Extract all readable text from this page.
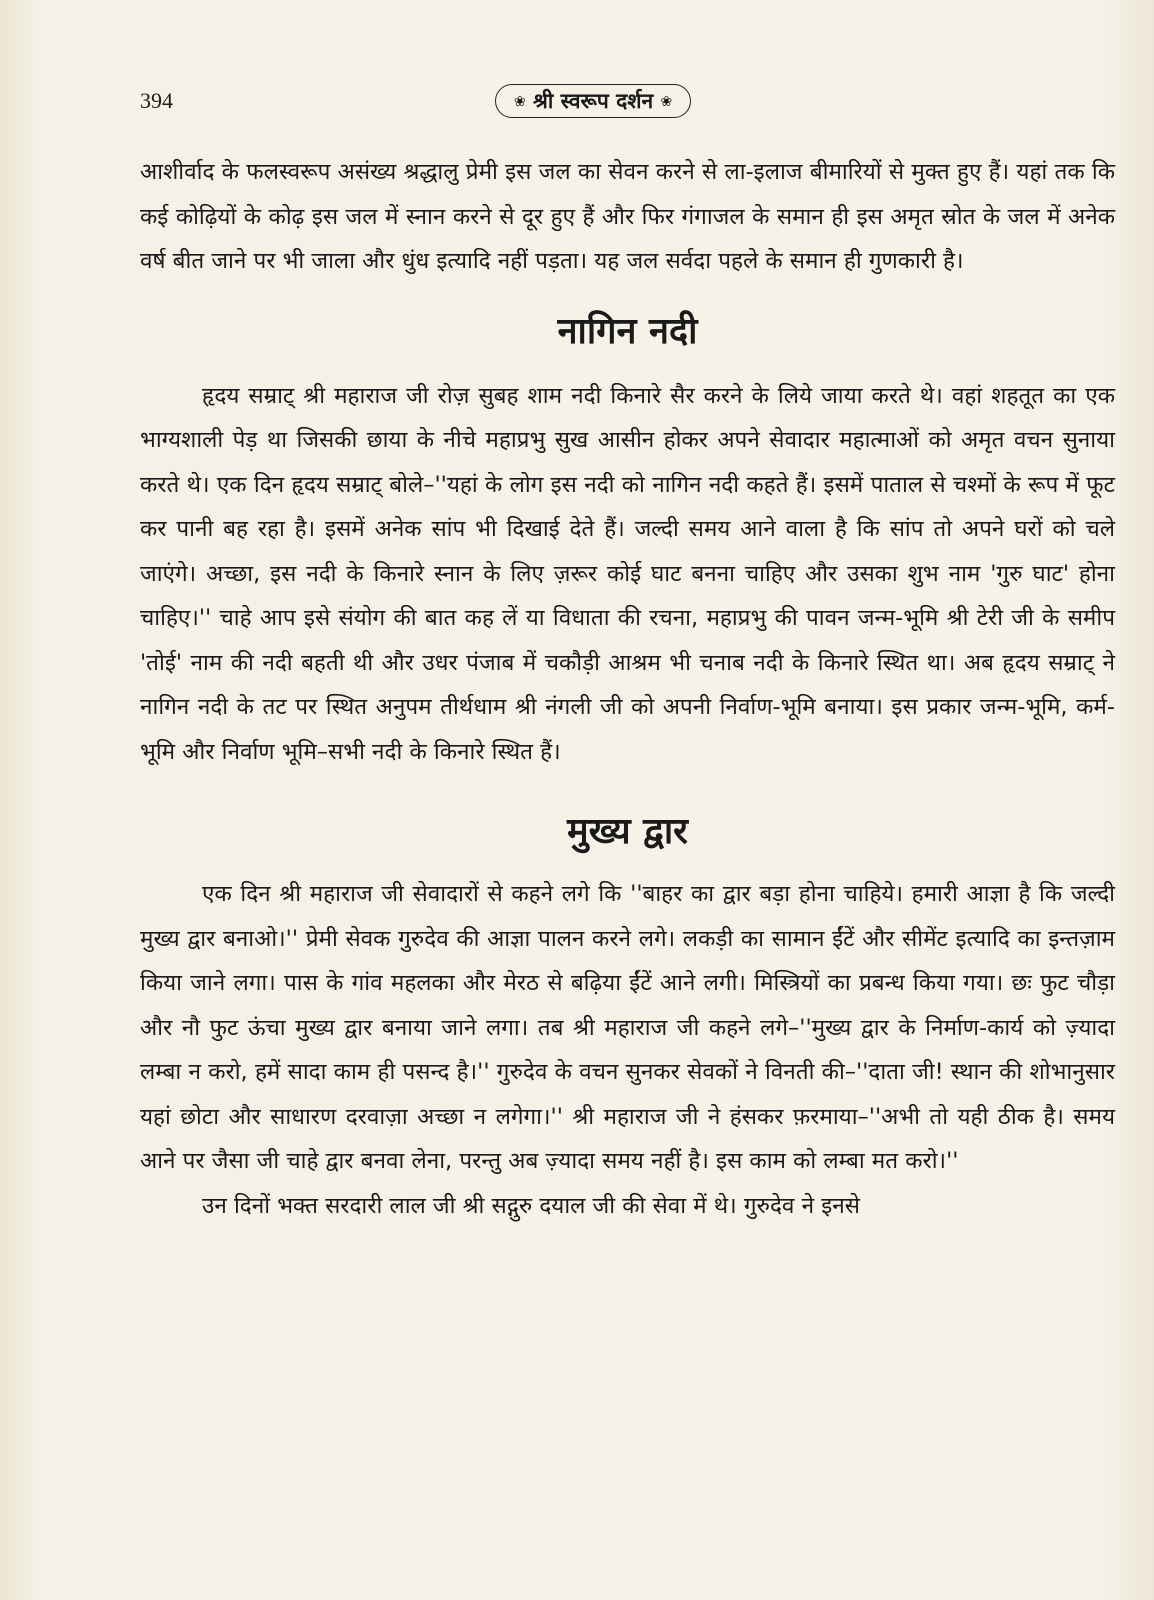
394	❀ श्री स्वरूप दर्शन ❀

आशीर्वाद के फलस्वरूप असंख्य श्रद्धालु प्रेमी इस जल का सेवन करने से ला-इलाज बीमारियों से मुक्त हुए हैं। यहां तक कि कई कोढ़ियों के कोढ़ इस जल में स्नान करने से दूर हुए हैं और फिर गंगाजल के समान ही इस अमृत स्रोत के जल में अनेक वर्ष बीत जाने पर भी जाला और धुंध इत्यादि नहीं पड़ता। यह जल सर्वदा पहले के समान ही गुणकारी है।

नागिन नदी

हृदय सम्राट् श्री महाराज जी रोज़ सुबह शाम नदी किनारे सैर करने के लिये जाया करते थे। वहां शहतूत का एक भाग्यशाली पेड़ था जिसकी छाया के नीचे महाप्रभु सुख आसीन होकर अपने सेवादार महात्माओं को अमृत वचन सुनाया करते थे। एक दिन हृदय सम्राट् बोले–''यहां के लोग इस नदी को नागिन नदी कहते हैं। इसमें पाताल से चश्मों के रूप में फूट कर पानी बह रहा है। इसमें अनेक सांप भी दिखाई देते हैं। जल्दी समय आने वाला है कि सांप तो अपने घरों को चले जाएंगे। अच्छा, इस नदी के किनारे स्नान के लिए ज़रूर कोई घाट बनना चाहिए और उसका शुभ नाम 'गुरु घाट' होना चाहिए।'' चाहे आप इसे संयोग की बात कह लें या विधाता की रचना, महाप्रभु की पावन जन्म-भूमि श्री टेरी जी के समीप 'तोई' नाम की नदी बहती थी और उधर पंजाब में चकौड़ी आश्रम भी चनाब नदी के किनारे स्थित था। अब हृदय सम्राट् ने नागिन नदी के तट पर स्थित अनुपम तीर्थधाम श्री नंगली जी को अपनी निर्वाण-भूमि बनाया। इस प्रकार जन्म-भूमि, कर्म-भूमि और निर्वाण भूमि–सभी नदी के किनारे स्थित हैं।

मुख्य द्वार

एक दिन श्री महाराज जी सेवादारों से कहने लगे कि ''बाहर का द्वार बड़ा होना चाहिये। हमारी आज्ञा है कि जल्दी मुख्य द्वार बनाओ।'' प्रेमी सेवक गुरुदेव की आज्ञा पालन करने लगे। लकड़ी का सामान ईंटें और सीमेंट इत्यादि का इन्तज़ाम किया जाने लगा। पास के गांव महलका और मेरठ से बढ़िया ईंटें आने लगी। मिस्त्रियों का प्रबन्ध किया गया। छः फुट चौड़ा और नौ फुट ऊंचा मुख्य द्वार बनाया जाने लगा। तब श्री महाराज जी कहने लगे–''मुख्य द्वार के निर्माण-कार्य को ज़्यादा लम्बा न करो, हमें सादा काम ही पसन्द है।'' गुरुदेव के वचन सुनकर सेवकों ने विनती की–''दाता जी! स्थान की शोभानुसार यहां छोटा और साधारण दरवाज़ा अच्छा न लगेगा।'' श्री महाराज जी ने हंसकर फ़रमाया–''अभी तो यही ठीक है। समय आने पर जैसा जी चाहे द्वार बनवा लेना, परन्तु अब ज़्यादा समय नहीं है। इस काम को लम्बा मत करो।''

उन दिनों भक्त सरदारी लाल जी श्री सद्गुरु दयाल जी की सेवा में थे। गुरुदेव ने इनसे
